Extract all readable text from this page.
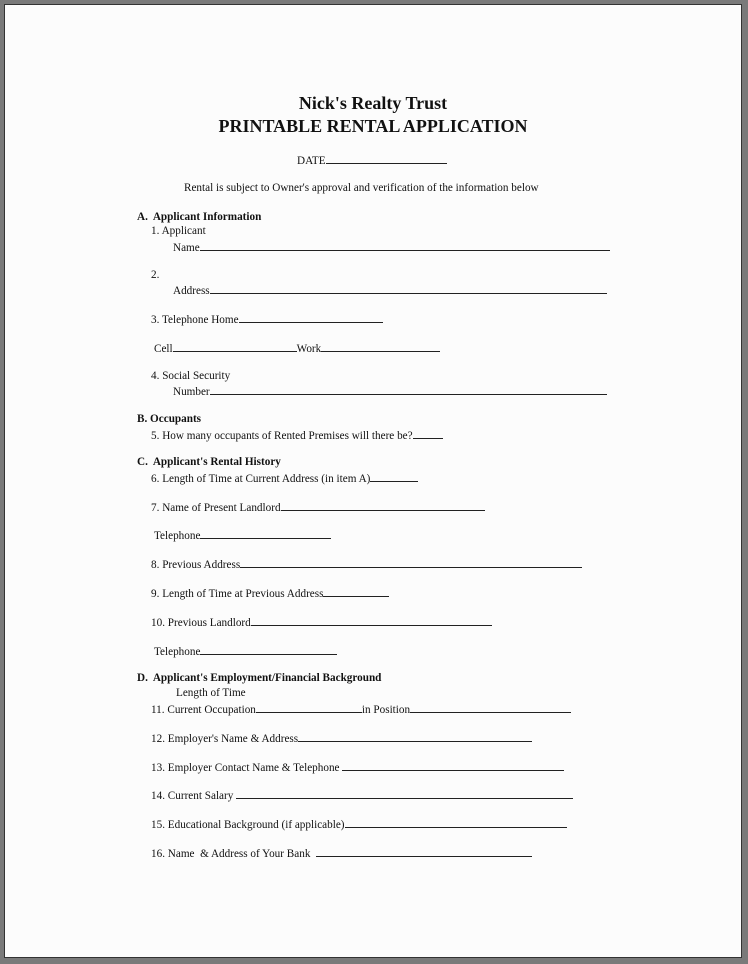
Nick's Realty Trust
PRINTABLE RENTAL APPLICATION
DATE
Rental is subject to Owner's approval and verification of the information below
A.  Applicant Information
1. Applicant
Name
2.
Address
3. Telephone Home
Cell	Work
4. Social Security
Number
B. Occupants
5. How many occupants of Rented Premises will there be?
C.  Applicant's Rental History
6. Length of Time at Current Address (in item A)
7. Name of Present Landlord
Telephone
8. Previous Address
9. Length of Time at Previous Address
10. Previous Landlord
Telephone
D.  Applicant's Employment/Financial Background
Length of Time
11. Current Occupation	in Position
12. Employer's Name & Address
13. Employer Contact Name & Telephone
14. Current Salary
15. Educational Background (if applicable)
16. Name  & Address of Your Bank
